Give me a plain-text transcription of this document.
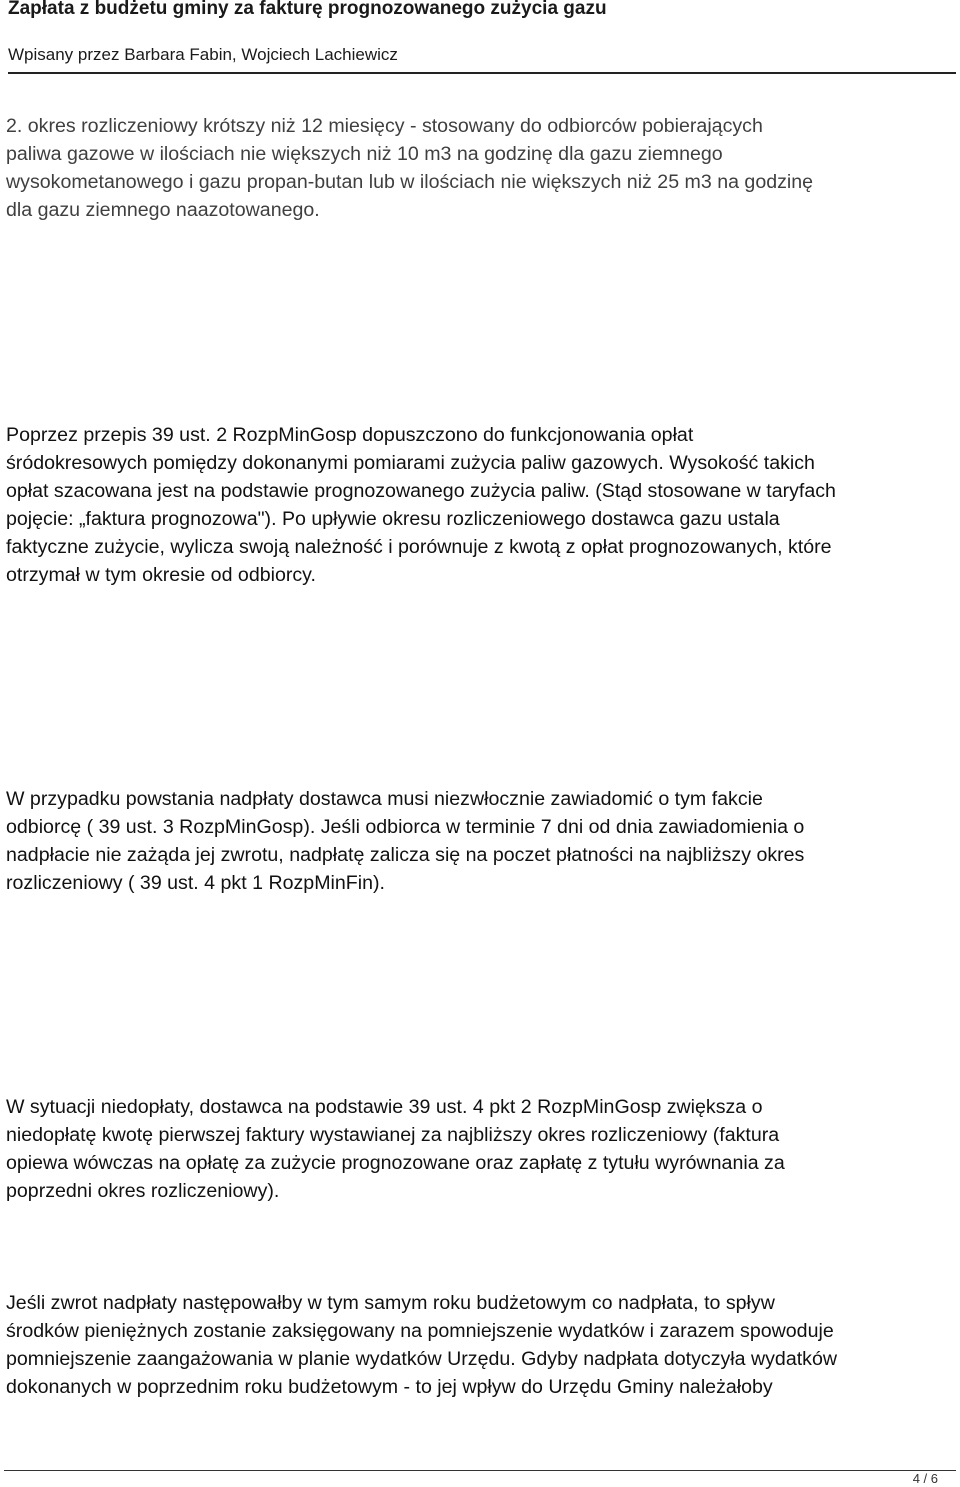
Zapłata z budżetu gminy za fakturę prognozowanego zużycia gazu
Wpisany przez Barbara Fabin, Wojciech Lachiewicz
2. okres rozliczeniowy krótszy niż 12 miesięcy - stosowany do odbiorców pobierających
paliwa gazowe w ilościach nie większych niż 10 m3 na godzinę dla gazu ziemnego
wysokometanowego i gazu propan-butan lub w ilościach nie większych niż 25 m3 na godzinę
dla gazu ziemnego naazotowanego.
Poprzez przepis 39 ust. 2 RozpMinGosp dopuszczono do funkcjonowania opłat
śródokresowych pomiędzy dokonanymi pomiarami zużycia paliw gazowych. Wysokość takich
opłat szacowana jest na podstawie prognozowanego zużycia paliw. (Stąd stosowane w taryfach
pojęcie: „faktura prognozowa"). Po upływie okresu rozliczeniowego dostawca gazu ustala
faktyczne zużycie, wylicza swoją należność i porównuje z kwotą z opłat prognozowanych, które
otrzymał w tym okresie od odbiorcy.
W przypadku powstania nadpłaty dostawca musi niezwłocznie zawiadomić o tym fakcie
odbiorcę ( 39 ust. 3 RozpMinGosp). Jeśli odbiorca w terminie 7 dni od dnia zawiadomienia o
nadpłacie nie zażąda jej zwrotu, nadpłatę zalicza się na poczet płatności na najbliższy okres
rozliczeniowy ( 39 ust. 4 pkt 1 RozpMinFin).
W sytuacji niedopłaty, dostawca na podstawie 39 ust. 4 pkt 2 RozpMinGosp zwiększa o
niedopłatę kwotę pierwszej faktury wystawianej za najbliższy okres rozliczeniowy (faktura
opiewa wówczas na opłatę za zużycie prognozowane oraz zapłatę z tytułu wyrównania za
poprzedni okres rozliczeniowy).
Jeśli zwrot nadpłaty następowałby w tym samym roku budżetowym co nadpłata, to spływ
środków pieniężnych zostanie zaksięgowany na pomniejszenie wydatków i zarazem spowoduje
pomniejszenie zaangażowania w planie wydatków Urzędu. Gdyby nadpłata dotyczyła wydatków
dokonanych w poprzednim roku budżetowym - to jej wpływ do Urzędu Gminy należałoby
4 / 6
